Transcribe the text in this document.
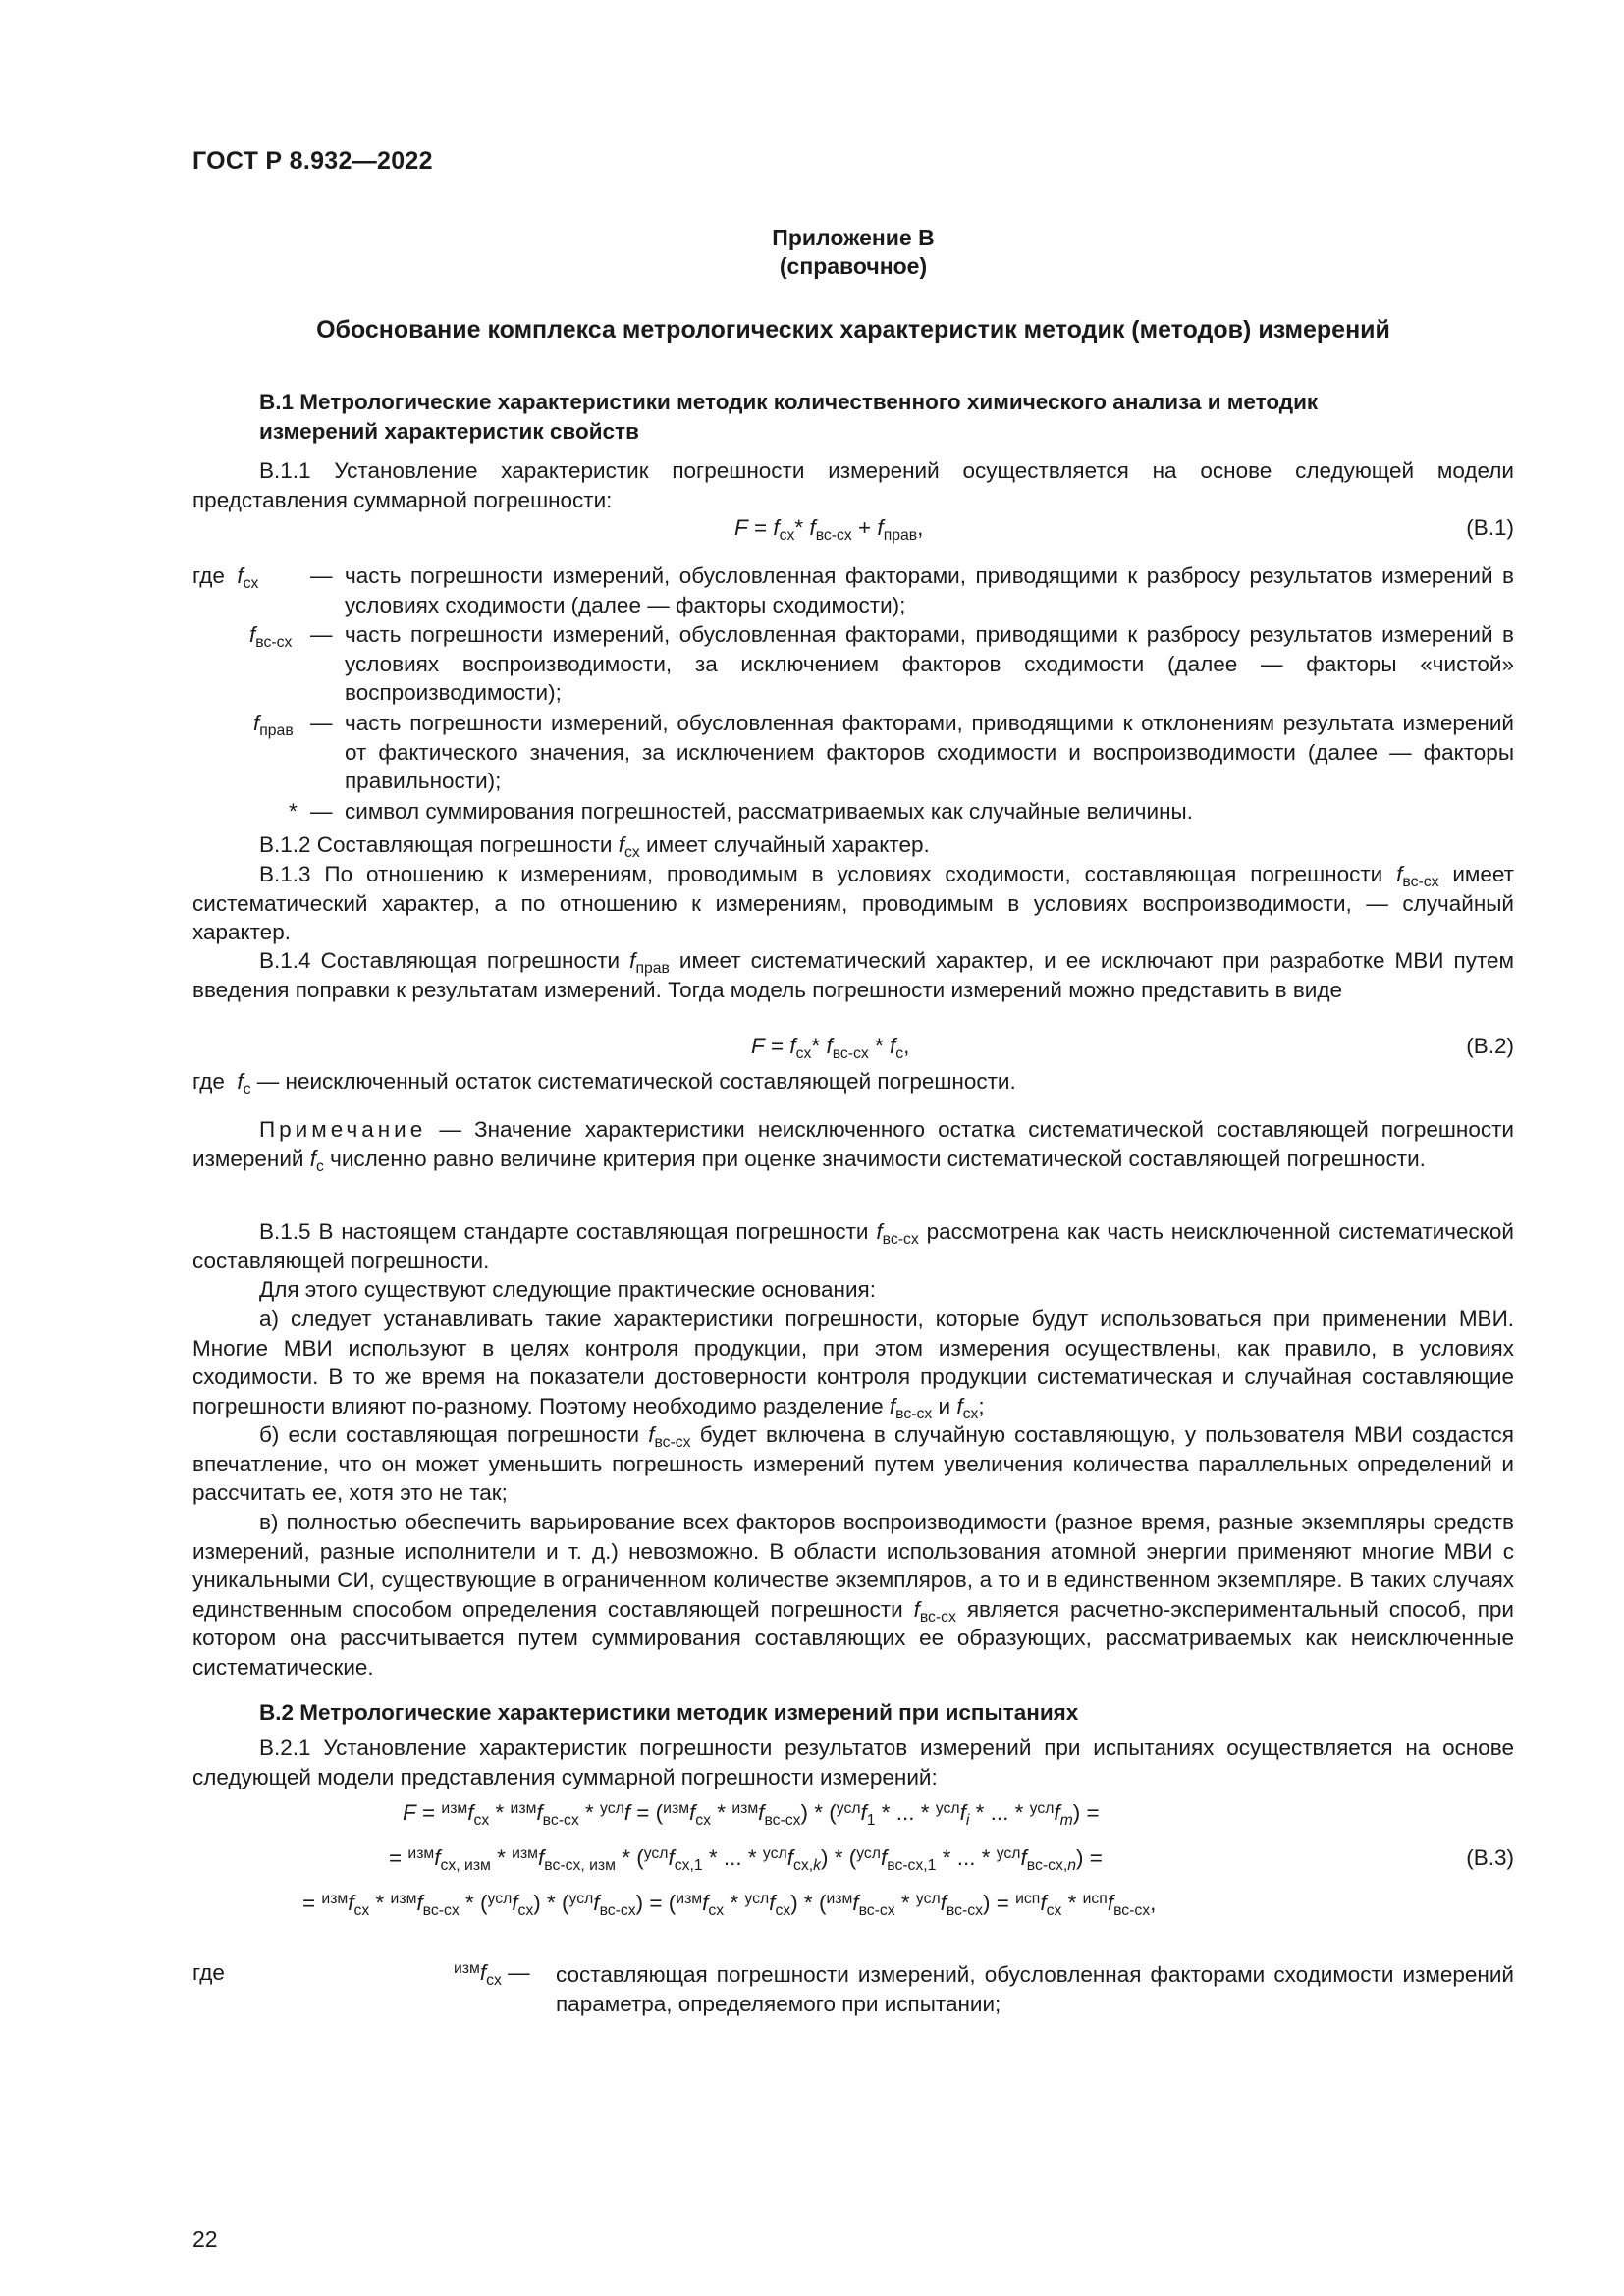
ГОСТ Р 8.932—2022
Приложение В
(справочное)
Обоснование комплекса метрологических характеристик методик (методов) измерений
В.1 Метрологические характеристики методик количественного химического анализа и методик
измерений характеристик свойств
В.1.1 Установление характеристик погрешности измерений осуществляется на основе следующей модели представления суммарной погрешности:
$F = f_{сх}*$ $f_{вс-сх} + f_{прав}$,	(В.1)
где $f_{сх}$ — часть погрешности измерений, обусловленная факторами, приводящими к разбросу результатов измерений в условиях сходимости (далее — факторы сходимости);
$f_{вс-сх}$ — часть погрешности измерений, обусловленная факторами, приводящими к разбросу результатов измерений в условиях воспроизводимости, за исключением факторов сходимости (далее — факторы «чистой» воспроизводимости);
$f_{прав}$ — часть погрешности измерений, обусловленная факторами, приводящими к отклонениям результата измерений от фактического значения, за исключением факторов сходимости и воспроизводимости (далее — факторы правильности);
* — символ суммирования погрешностей, рассматриваемых как случайные величины.
В.1.2 Составляющая погрешности $f_{сх}$ имеет случайный характер.
В.1.3 По отношению к измерениям, проводимым в условиях сходимости, составляющая погрешности $f_{вс-сх}$ имеет систематический характер, а по отношению к измерениям, проводимым в условиях воспроизводимости, — случайный характер.
В.1.4 Составляющая погрешности $f_{прав}$ имеет систематический характер, и ее исключают при разработке МВИ путем введения поправки к результатам измерений. Тогда модель погрешности измерений можно представить в виде
$F = f_{сх}*$ $f_{вс-сх} * f_с$,	(В.2)
где $f_с$ — неисключенный остаток систематической составляющей погрешности.
Примечание — Значение характеристики неисключенного остатка систематической составляющей погрешности измерений $f_с$ численно равно величине критерия при оценке значимости систематической составляющей погрешности.
В.1.5 В настоящем стандарте составляющая погрешности $f_{вс-сх}$ рассмотрена как часть неисключенной систематической составляющей погрешности.
Для этого существуют следующие практические основания:
а) следует устанавливать такие характеристики погрешности, которые будут использоваться при применении МВИ. Многие МВИ используют в целях контроля продукции, при этом измерения осуществлены, как правило, в условиях сходимости. В то же время на показатели достоверности контроля продукции систематическая и случайная составляющие погрешности влияют по-разному. Поэтому необходимо разделение $f_{вс-сх}$ и $f_{сх}$;
б) если составляющая погрешности $f_{вс-сх}$ будет включена в случайную составляющую, у пользователя МВИ создастся впечатление, что он может уменьшить погрешность измерений путем увеличения количества параллельных определений и рассчитать ее, хотя это не так;
в) полностью обеспечить варьирование всех факторов воспроизводимости (разное время, разные экземпляры средств измерений, разные исполнители и т. д.) невозможно. В области использования атомной энергии применяют многие МВИ с уникальными СИ, существующие в ограниченном количестве экземпляров, а то и в единственном экземпляре. В таких случаях единственным способом определения составляющей погрешности $f_{вс-сх}$ является расчетно-экспериментальный способ, при котором она рассчитывается путем суммирования составляющих ее образующих, рассматриваемых как неисключенные систематические.
В.2 Метрологические характеристики методик измерений при испытаниях
В.2.1 Установление характеристик погрешности результатов измерений при испытаниях осуществляется на основе следующей модели представления суммарной погрешности измерений:
$F = ^{изм}f_{сх} * ^{изм}f_{вс-сх} * ^{усл}f = (^{изм}f_{сх} * ^{изм}f_{вс-сх}) * (^{усл}f_1$ * ... * $^{усл}f_i$ * ... * $^{усл}f_m$) =
= $^{изм}f_{сх, изм} * ^{изм}f_{вс-сх, изм} * (^{усл}f_{сх,1}$ * ... * $^{усл}f_{сх,k}) * (^{усл}f_{вс-сх,1}$ * ... * $^{усл}f_{вс-сх,n}$) =	(В.3)
= $^{изм}f_{сх} * ^{изм}f_{вс-сх} * (^{усл}f_{сх}) * (^{усл}f_{вс-сх}) = (^{изм}f_{сх} * ^{усл}f_{сх}) * (^{изм}f_{вс-сх} * ^{усл}f_{вс-сх}) = ^{исп}f_{сх} * ^{исп}f_{вс-сх}$,
где	$^{изм}f_{сх}$ — составляющая погрешности измерений, обусловленная факторами сходимости измерений параметра, определяемого при испытании;
22
